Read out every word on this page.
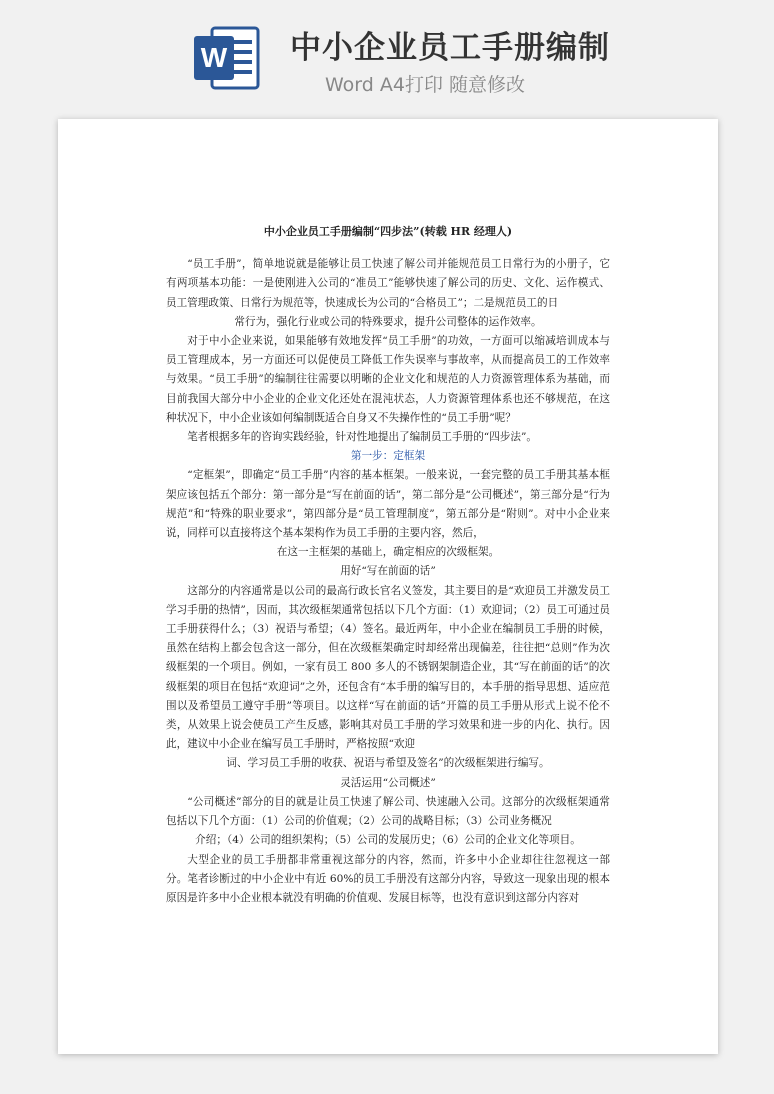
W 中小企业员工手册编制
Word A4打印 随意修改
中小企业员工手册编制“四步法”(转载 HR 经理人)

“员工手册”，简单地说就是能够让员工快速了解公司并能规范员工日常行为的小册子，它有两项基本功能：一是使刚进入公司的“准员工”能够快速了解公司的历史、文化、运作模式、员工管理政策、日常行为规范等，快速成长为公司的“合格员工”；二是规范员工的日

常行为，强化行业或公司的特殊要求，提升公司整体的运作效率。

对于中小企业来说，如果能够有效地发挥“员工手册”的功效，一方面可以缩减培训成本与员工管理成本，另一方面还可以促使员工降低工作失误率与事故率，从而提高员工的工作效率与效果。“员工手册”的编制往往需要以明晰的企业文化和规范的人力资源管理体系为基础，而目前我国大部分中小企业的企业文化还处在混沌状态，人力资源管理体系也还不够规范，在这种状况下，中小企业该如何编制既适合自身又不失操作性的“员工手册”呢？

笔者根据多年的咨询实践经验，针对性地提出了编制员工手册的“四步法”。

第一步：定框架

“定框架”，即确定“员工手册”内容的基本框架。一般来说，一套完整的员工手册其基本框架应该包括五个部分：第一部分是“写在前面的话”，第二部分是“公司概述”，第三部分是“行为规范”和“特殊的职业要求”，第四部分是“员工管理制度”，第五部分是“附则”。对中小企业来说，同样可以直接将这个基本架构作为员工手册的主要内容，然后，

在这一主框架的基础上，确定相应的次级框架。

用好“写在前面的话”

这部分的内容通常是以公司的最高行政长官名义签发，其主要目的是“欢迎员工并激发员工学习手册的热情”，因而，其次级框架通常包括以下几个方面：（1）欢迎词；（2）员工可通过员工手册获得什么；（3）祝语与希望；（4）签名。最近两年，中小企业在编制员工手册的时候，虽然在结构上都会包含这一部分，但在次级框架确定时却经常出现偏差，往往把“总则”作为次级框架的一个项目。例如，一家有员工 800 多人的不锈钢架制造企业，其“写在前面的话”的次级框架的项目在包括“欢迎词”之外，还包含有“本手册的编写目的，本手册的指导思想、适应范围以及希望员工遵守手册”等项目。以这样“写在前面的话”开篇的员工手册从形式上说不伦不类，从效果上说会使员工产生反感，影响其对员工手册的学习效果和进一步的内化、执行。因此，建议中小企业在编写员工手册时，严格按照“欢迎

词、学习员工手册的收获、祝语与希望及签名”的次级框架进行编写。

灵活运用“公司概述”

“公司概述”部分的目的就是让员工快速了解公司、快速融入公司。这部分的次级框架通常包括以下几个方面：（1）公司的价值观；（2）公司的战略目标；（3）公司业务概况

介绍；（4）公司的组织架构；（5）公司的发展历史；（6）公司的企业文化等项目。

大型企业的员工手册都非常重视这部分的内容，然而，许多中小企业却往往忽视这一部分。笔者诊断过的中小企业中有近 60%的员工手册没有这部分内容，导致这一现象出现的根本原因是许多中小企业根本就没有明确的价值观、发展目标等，也没有意识到这部分内容对
